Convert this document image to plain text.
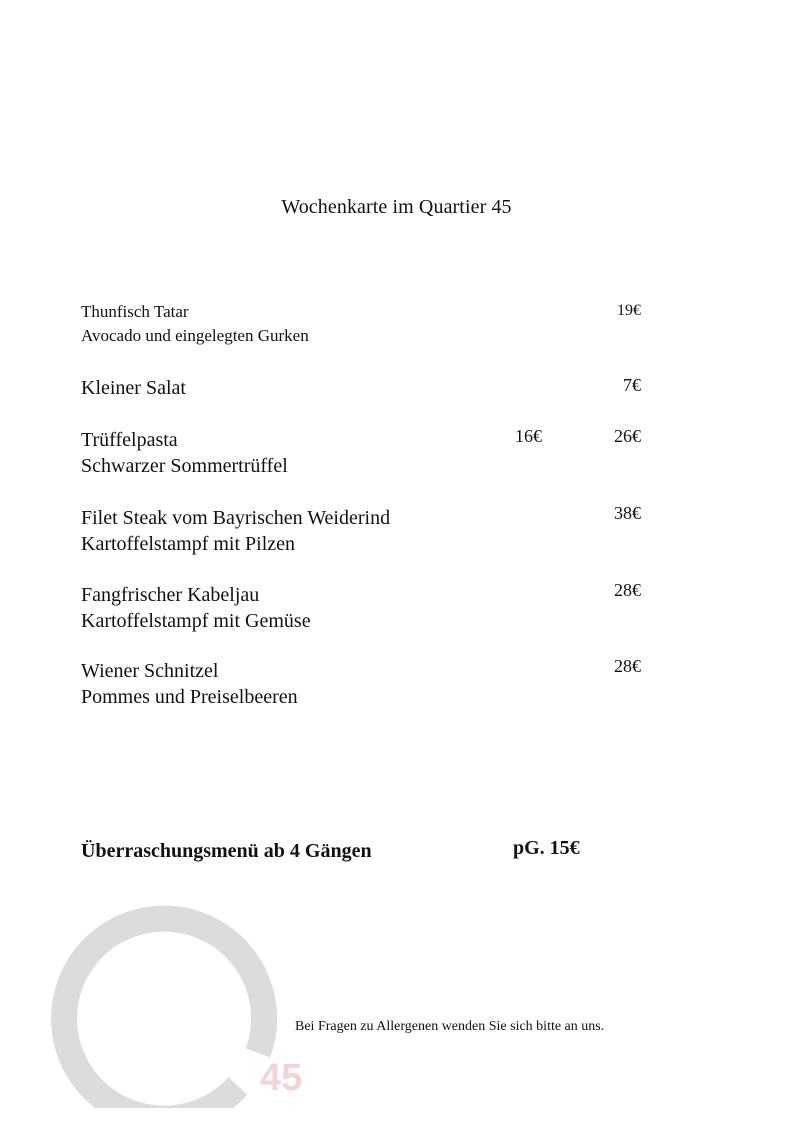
Wochenkarte im Quartier 45
Thunfisch Tatar
Avocado und eingelegten Gurken
19€
Kleiner Salat	7€
Trüffelpasta
Schwarzer Sommertrüffel
16€	26€
Filet Steak vom Bayrischen Weiderind
Kartoffelstampf mit Pilzen
38€
Fangfrischer Kabeljau
Kartoffelstampf mit Gemüse
28€
Wiener Schnitzel
Pommes und Preiselbeeren
28€
Überraschungsmenü ab 4 Gängen	pG. 15€
45
Bei Fragen zu Allergenen wenden Sie sich bitte an uns.
